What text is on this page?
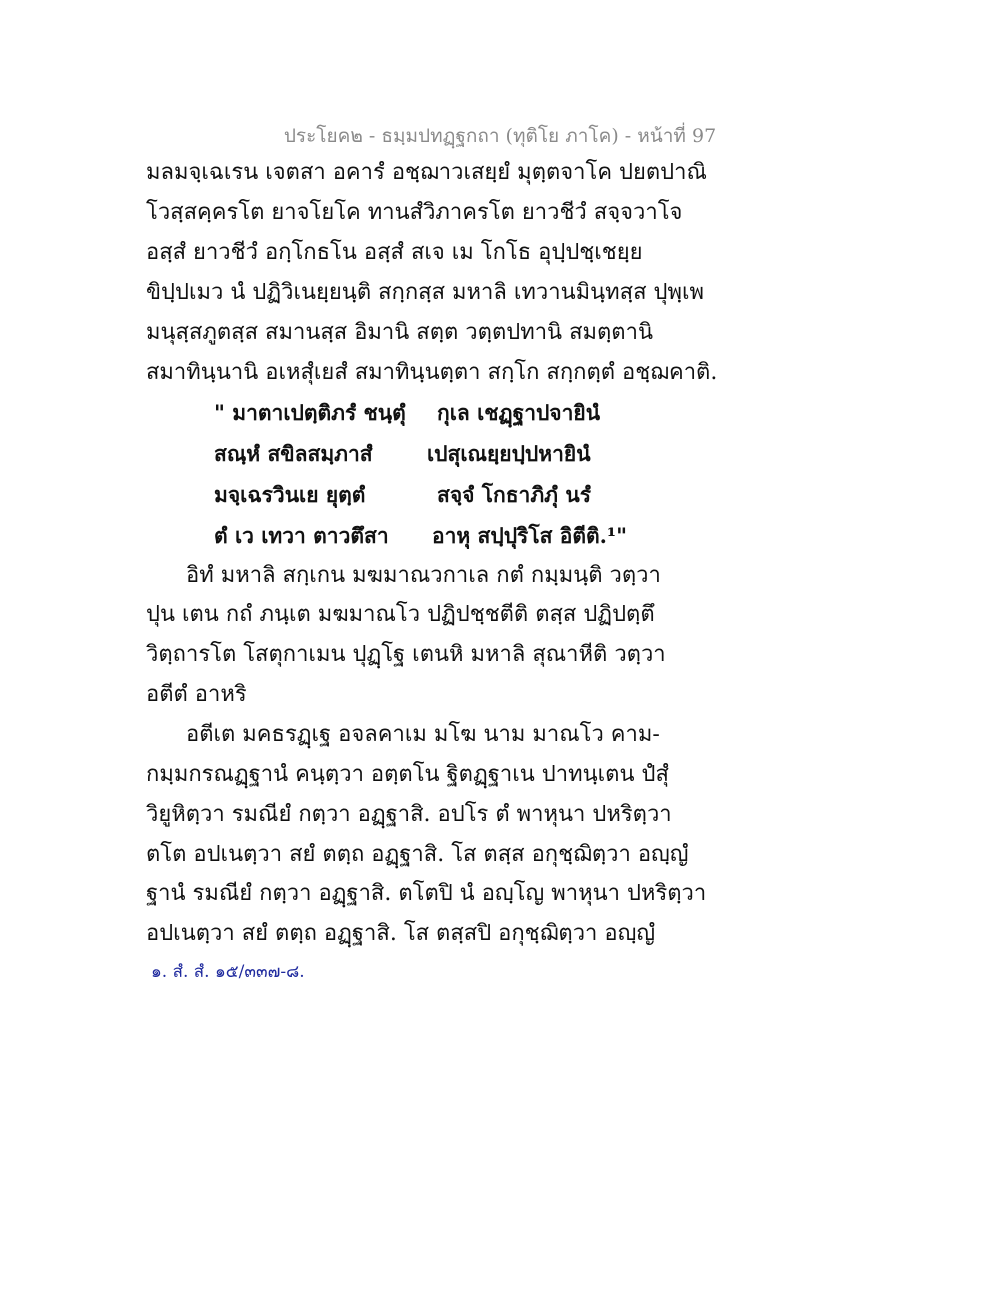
ประโยค๒ - ธมฺมปทฏฺฐกถา (ทุติโย ภาโค) - หน้าที่ 97
มลมจฺเฉเรน เจตสา อคารํ อชฺฌาวเสยฺยํ มุตฺตจาโค ปยตปาณิ
โวสฺสคฺครโต ยาจโยโค ทานสํวิภาครโต ยาวชีวํ สจฺจวาโจ
อสฺสํ ยาวชีวํ อกฺโกธโน อสฺสํ สเจ เม โกโธ อุปฺปชฺเชยฺย
ขิปฺปเมว นํ ปฏิวิเนยฺยนฺติ สกฺกสฺส มหาลิ เทวานมินฺทสฺส ปุพฺเพ
มนุสฺสภูตสฺส สมานสฺส อิมานิ สตฺต วตฺตปทานิ สมตฺตานิ
สมาทินฺนานิ อเหสุํเยสํ สมาทินฺนตฺตา สกฺโก สกฺกตฺตํ อชฺฌคาติ.
" มาตาเปตฺติภรํ ชนฺตุํ กุเล เชฏฺฐาปจายินํ
สณฺหํ สขิลสมฺภาสํ	เปสุเณยฺยปฺปหายินํ
มจฺเฉรวินเย ยุตฺตํ	สจฺจํ โกธาภิภุํ นรํ
ตํ เว เทวา ตาวตึสา อาหุ สปฺปุริโส อิตีติ.¹"
อิทํ มหาลิ สกฺเกน มฆมาณวกาเล กตํ กมฺมนฺติ วตฺวา
ปุน เตน กถํ ภนฺเต มฆมาณโว ปฏิปชฺชตีติ ตสฺส ปฏิปตฺตึ
วิตฺถารโต โสตุกาเมน ปุฏฺโฐ เตนหิ มหาลิ สุณาหีติ วตฺวา
อตีตํ อาหริ
อตีเต มคธรฏฺเฐ อจลคาเม มโฆ นาม มาณโว คาม-
กมฺมกรณฏฺฐานํ คนฺตฺวา อตฺตโน ฐิตฏฺฐาเน ปาทนฺเตน ปํสุํ
วิยูหิตฺวา รมณียํ กตฺวา อฏฺฐาสิ. อปโร ตํ พาหุนา ปหริตฺวา
ตโต อปเนตฺวา สยํ ตตฺถ อฏฺฐาสิ. โส ตสฺส อกุชฺฌิตฺวา อญฺญํ
ฐานํ รมณียํ กตฺวา อฏฺฐาสิ. ตโตปิ นํ อญฺโญ พาหุนา ปหริตฺวา
อปเนตฺวา สยํ ตตฺถ อฏฺฐาสิ. โส ตสฺสปิ อกุชฺฌิตฺวา อญฺญํ
๑. สํ. สํ. ๑๕/๓๓๗-๘.
